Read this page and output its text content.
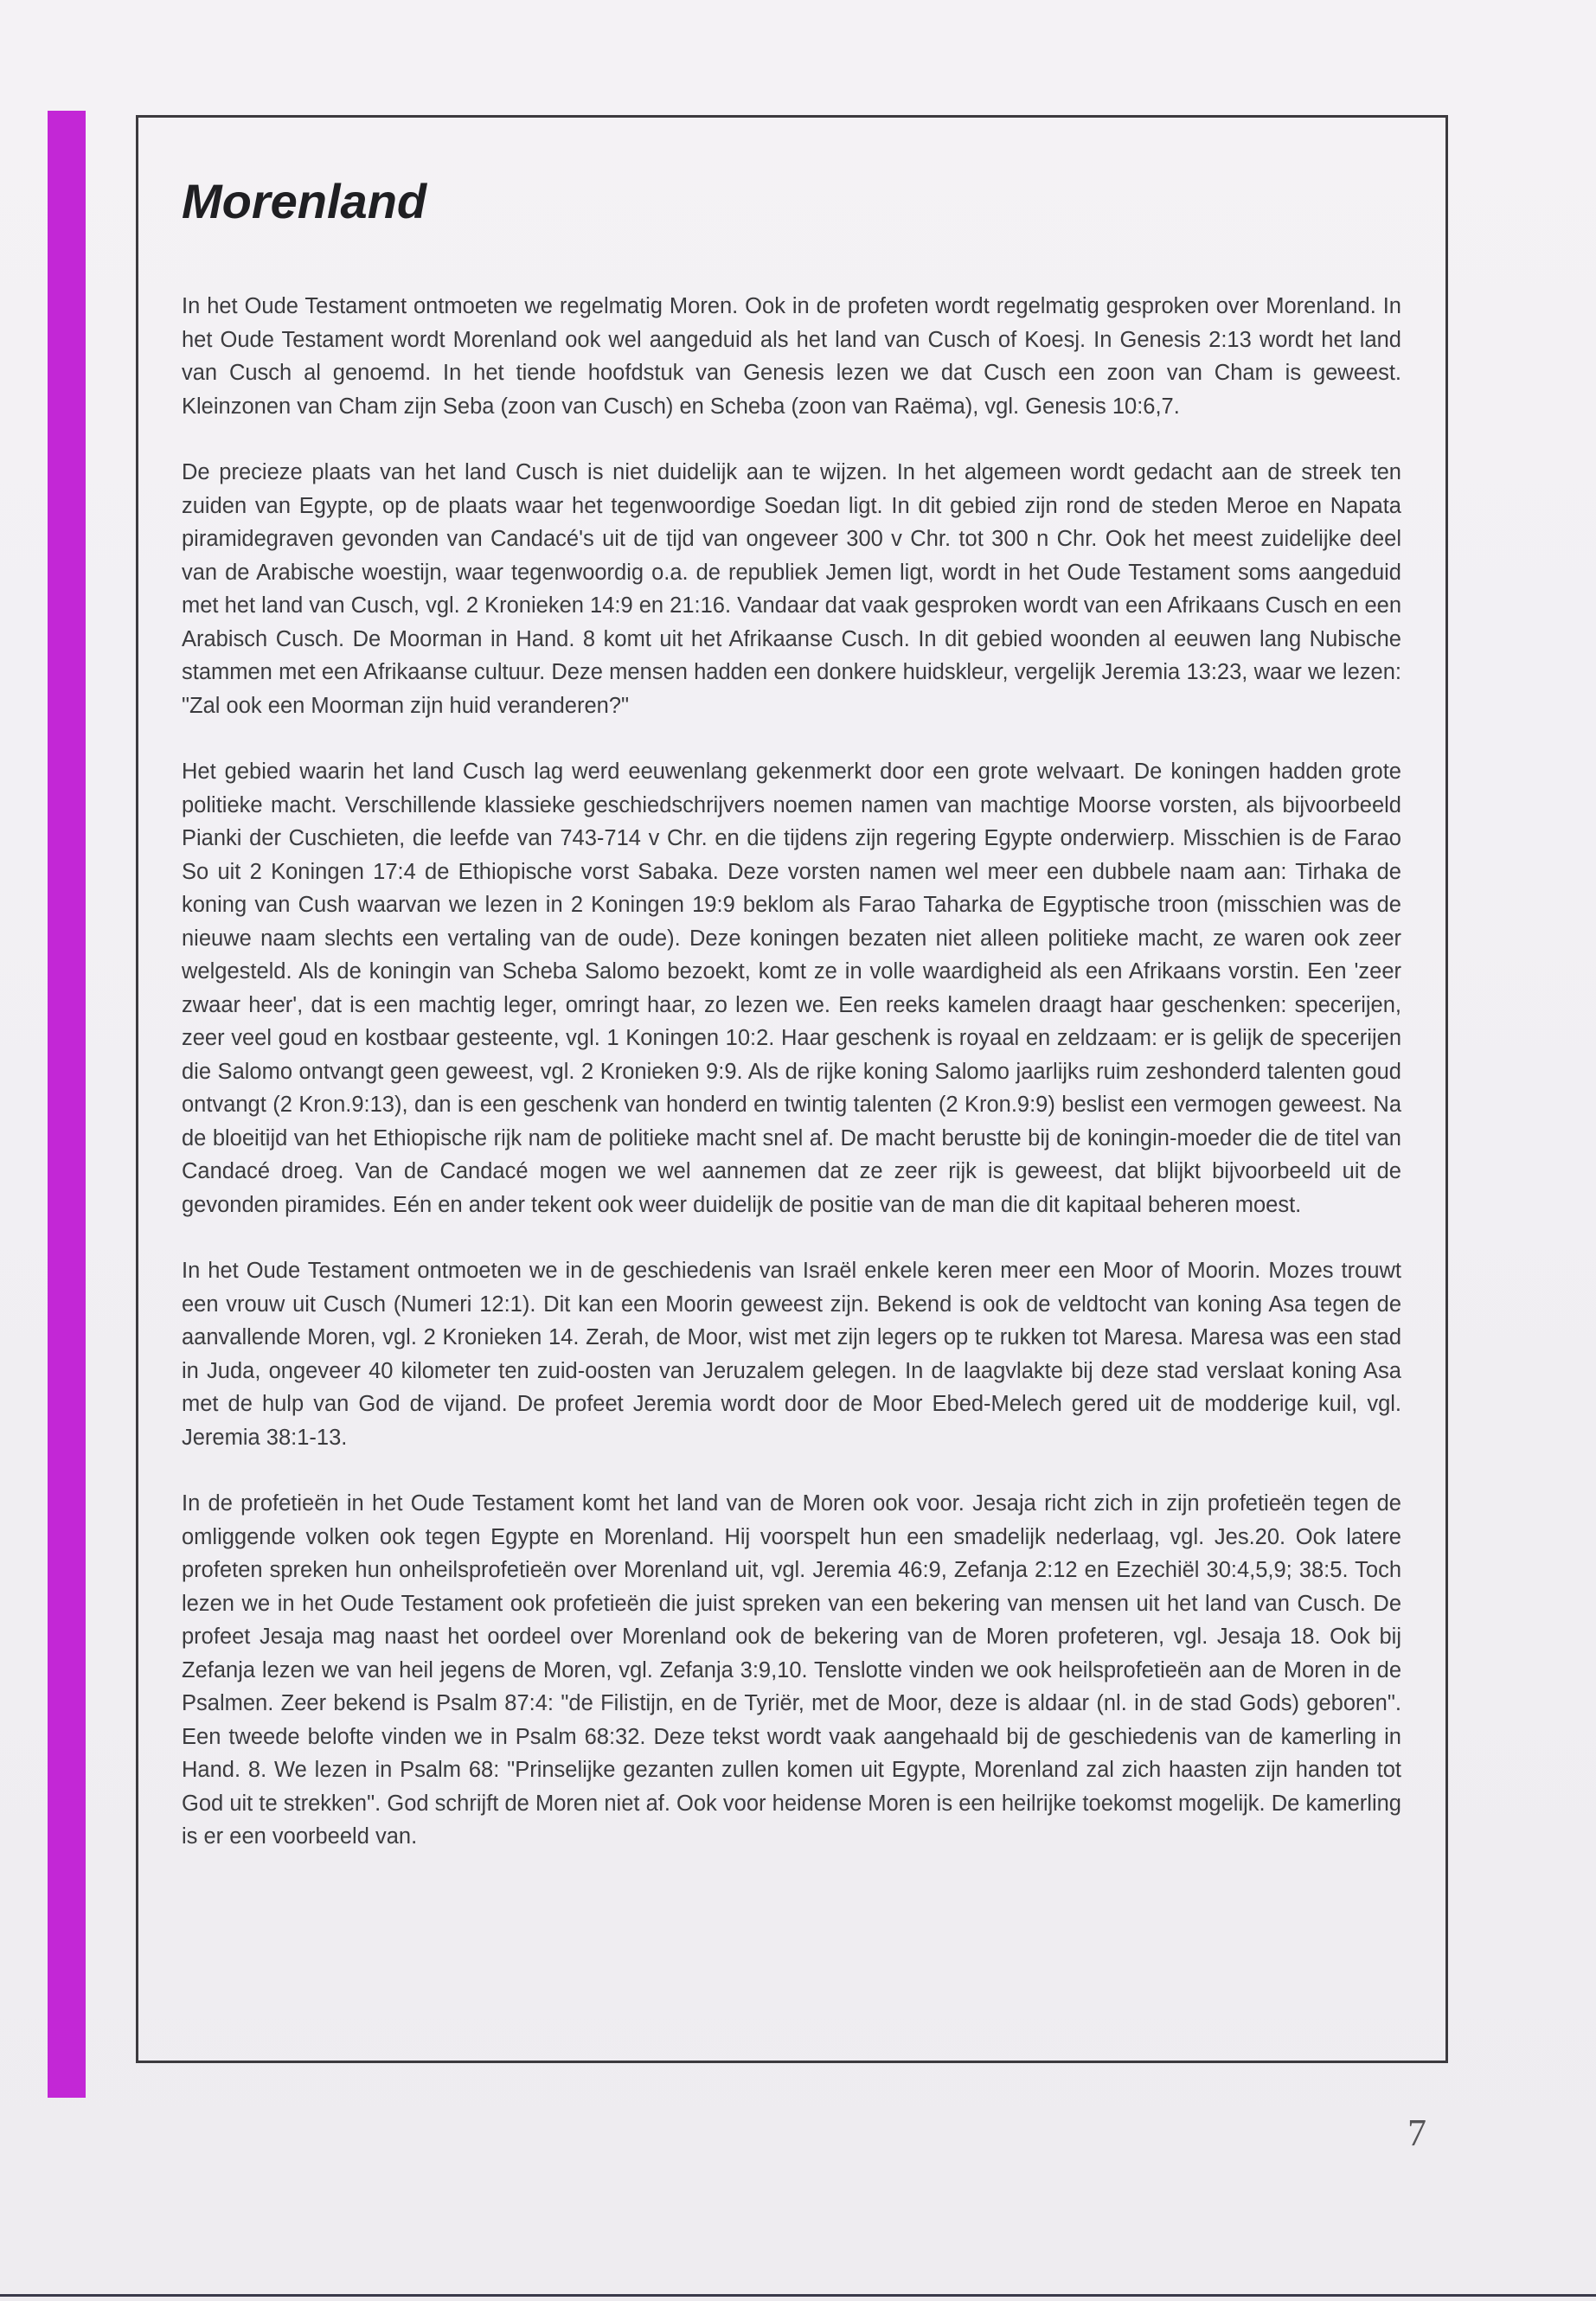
Morenland

In het Oude Testament ontmoeten we regelmatig Moren. Ook in de profeten wordt regelmatig gesproken over Morenland. In het Oude Testament wordt Morenland ook wel aangeduid als het land van Cusch of Koesj. In Genesis 2:13 wordt het land van Cusch al genoemd. In het tiende hoofdstuk van Genesis lezen we dat Cusch een zoon van Cham is geweest. Kleinzonen van Cham zijn Seba (zoon van Cusch) en Scheba (zoon van Raëma), vgl. Genesis 10:6,7.

De precieze plaats van het land Cusch is niet duidelijk aan te wijzen. In het algemeen wordt gedacht aan de streek ten zuiden van Egypte, op de plaats waar het tegenwoordige Soedan ligt. In dit gebied zijn rond de steden Meroe en Napata piramidegraven gevonden van Candacé's uit de tijd van ongeveer 300 v Chr. tot 300 n Chr. Ook het meest zuidelijke deel van de Arabische woestijn, waar tegenwoordig o.a. de republiek Jemen ligt, wordt in het Oude Testament soms aangeduid met het land van Cusch, vgl. 2 Kronieken 14:9 en 21:16. Vandaar dat vaak gesproken wordt van een Afrikaans Cusch en een Arabisch Cusch. De Moorman in Hand. 8 komt uit het Afrikaanse Cusch. In dit gebied woonden al eeuwen lang Nubische stammen met een Afrikaanse cultuur. Deze mensen hadden een donkere huidskleur, vergelijk Jeremia 13:23, waar we lezen: "Zal ook een Moorman zijn huid veranderen?"

Het gebied waarin het land Cusch lag werd eeuwenlang gekenmerkt door een grote welvaart. De koningen hadden grote politieke macht. Verschillende klassieke geschiedschrijvers noemen namen van machtige Moorse vorsten, als bijvoorbeeld Pianki der Cuschieten, die leefde van 743-714 v Chr. en die tijdens zijn regering Egypte onderwierp. Misschien is de Farao So uit 2 Koningen 17:4 de Ethiopische vorst Sabaka. Deze vorsten namen wel meer een dubbele naam aan: Tirhaka de koning van Cush waarvan we lezen in 2 Koningen 19:9 beklom als Farao Taharka de Egyptische troon (misschien was de nieuwe naam slechts een vertaling van de oude). Deze koningen bezaten niet alleen politieke macht, ze waren ook zeer welgesteld. Als de koningin van Scheba Salomo bezoekt, komt ze in volle waardigheid als een Afrikaans vorstin. Een 'zeer zwaar heer', dat is een machtig leger, omringt haar, zo lezen we. Een reeks kamelen draagt haar geschenken: specerijen, zeer veel goud en kostbaar gesteente, vgl. 1 Koningen 10:2. Haar geschenk is royaal en zeldzaam: er is gelijk de specerijen die Salomo ontvangt geen geweest, vgl. 2 Kronieken 9:9. Als de rijke koning Salomo jaarlijks ruim zeshonderd talenten goud ontvangt (2 Kron.9:13), dan is een geschenk van honderd en twintig talenten (2 Kron.9:9) beslist een vermogen geweest. Na de bloeitijd van het Ethiopische rijk nam de politieke macht snel af. De macht berustte bij de koningin-moeder die de titel van Candacé droeg. Van de Candacé mogen we wel aannemen dat ze zeer rijk is geweest, dat blijkt bijvoorbeeld uit de gevonden piramides. Eén en ander tekent ook weer duidelijk de positie van de man die dit kapitaal beheren moest.

In het Oude Testament ontmoeten we in de geschiedenis van Israël enkele keren meer een Moor of Moorin. Mozes trouwt een vrouw uit Cusch (Numeri 12:1). Dit kan een Moorin geweest zijn. Bekend is ook de veldtocht van koning Asa tegen de aanvallende Moren, vgl. 2 Kronieken 14. Zerah, de Moor, wist met zijn legers op te rukken tot Maresa. Maresa was een stad in Juda, ongeveer 40 kilometer ten zuid-oosten van Jeruzalem gelegen. In de laagvlakte bij deze stad verslaat koning Asa met de hulp van God de vijand. De profeet Jeremia wordt door de Moor Ebed-Melech gered uit de modderige kuil, vgl. Jeremia 38:1-13.

In de profetieën in het Oude Testament komt het land van de Moren ook voor. Jesaja richt zich in zijn profetieën tegen de omliggende volken ook tegen Egypte en Morenland. Hij voorspelt hun een smadelijk nederlaag, vgl. Jes.20. Ook latere profeten spreken hun onheilsprofetieën over Morenland uit, vgl. Jeremia 46:9, Zefanja 2:12 en Ezechiël 30:4,5,9; 38:5. Toch lezen we in het Oude Testament ook profetieën die juist spreken van een bekering van mensen uit het land van Cusch. De profeet Jesaja mag naast het oordeel over Morenland ook de bekering van de Moren profeteren, vgl. Jesaja 18. Ook bij Zefanja lezen we van heil jegens de Moren, vgl. Zefanja 3:9,10. Tenslotte vinden we ook heilsprofetieën aan de Moren in de Psalmen. Zeer bekend is Psalm 87:4: "de Filistijn, en de Tyriër, met de Moor, deze is aldaar (nl. in de stad Gods) geboren". Een tweede belofte vinden we in Psalm 68:32. Deze tekst wordt vaak aangehaald bij de geschiedenis van de kamerling in Hand. 8. We lezen in Psalm 68: "Prinselijke gezanten zullen komen uit Egypte, Morenland zal zich haasten zijn handen tot God uit te strekken". God schrijft de Moren niet af. Ook voor heidense Moren is een heilrijke toekomst mogelijk. De kamerling is er een voorbeeld van.

7
